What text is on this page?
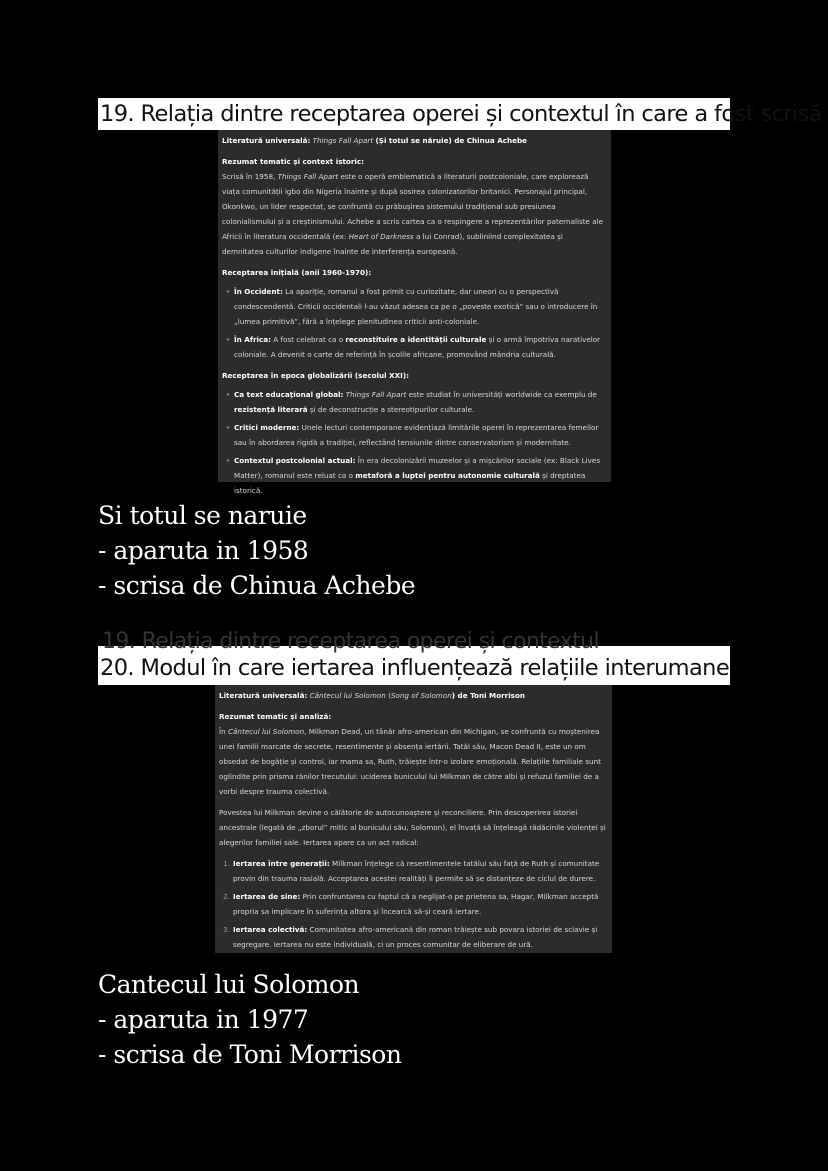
19. Relația dintre receptarea operei și contextul în care a fost scrisă

Literatură universală: Things Fall Apart (Și totul se năruie) de Chinua Achebe

Rezumat tematic și context istoric:

Scrisă în 1958, Things Fall Apart este o operă emblematică a literaturii postcoloniale, care explorează viața comunității igbo din Nigeria înainte și după sosirea colonizatorilor britanici. Personajul principal, Okonkwo, un lider respectat, se confruntă cu prăbușirea sistemului tradițional sub presiunea colonialismului și a creștinismului. Achebe a scris cartea ca o respingere a reprezentărilor paternaliste ale Africii în literatura occidentală (ex: Heart of Darkness a lui Conrad), subliniind complexitatea și demnitatea culturilor indigene înainte de interferența europeană.

Receptarea inițială (anii 1960-1970):

• În Occident: La apariție, romanul a fost primit cu curiozitate, dar uneori cu o perspectivă condescendentă. Criticii occidentali l-au văzut adesea ca pe o „poveste exotică” sau o introducere în „lumea primitivă”, fără a înțelege plenitudinea criticii anti-coloniale.
• În Africa: A fost celebrat ca o reconstituire a identității culturale și o armă împotriva narativelor coloniale. A devenit o carte de referință în școlile africane, promovând mândria culturală.

Receptarea în epoca globalizării (secolul XXI):

• Ca text educațional global: Things Fall Apart este studiat în universități worldwide ca exemplu de rezistență literară și de deconstrucție a stereotipurilor culturale.
• Critici moderne: Unele lecturi contemporane evidențiază limitările operei în reprezentarea femeilor sau în abordarea rigidă a tradiției, reflectând tensiunile dintre conservatorism și modernitate.
• Contextul postcolonial actual: În era decolonizării muzeelor și a mișcărilor sociale (ex: Black Lives Matter), romanul este reluat ca o metaforă a luptei pentru autonomie culturală și dreptatea istorică.
Si totul se naruie
- aparuta in 1958
- scrisa de Chinua Achebe
19. Relația dintre receptarea operei și contextul
20. Modul în care iertarea influențează relațiile interumane

Literatură universală: Cântecul lui Solomon (Song of Solomon) de Toni Morrison

Rezumat tematic și analiză:

În Cântecul lui Solomon, Milkman Dead, un tânăr afro-american din Michigan, se confruntă cu moștenirea unei familii marcate de secrete, resentimente și absența iertării. Tatăl său, Macon Dead II, este un om obsedat de bogăție și control, iar mama sa, Ruth, trăiește într-o izolare emoțională. Relațiile familiale sunt oglindite prin prisma rănilor trecutului: uciderea bunicului lui Milkman de către albi și refuzul familiei de a vorbi despre trauma colectivă.

Povestea lui Milkman devine o călătorie de autocunoaștere și reconciliere. Prin descoperirea istoriei ancestrale (legată de „zborul” mitic al bunicului său, Solomon), el învață să înțeleagă rădăcinile violenței și alegerilor familiei sale. Iertarea apare ca un act radical:

1. Iertarea între generații: Milkman înțelege că resentimentele tatălui său față de Ruth și comunitate provin din trauma rasială. Acceptarea acestei realități îi permite să se distanțeze de ciclul de durere.
2. Iertarea de sine: Prin confruntarea cu faptul că a neglijat-o pe prietena sa, Hagar, Milkman acceptă propria sa implicare în suferința altora și încearcă să-și ceară iertare.
3. Iertarea colectivă: Comunitatea afro-americană din roman trăiește sub povara istoriei de sclavie și segregare. Iertarea nu este individuală, ci un proces comunitar de eliberare de ură.
Cantecul lui Solomon
- aparuta in 1977
- scrisa de Toni Morrison
